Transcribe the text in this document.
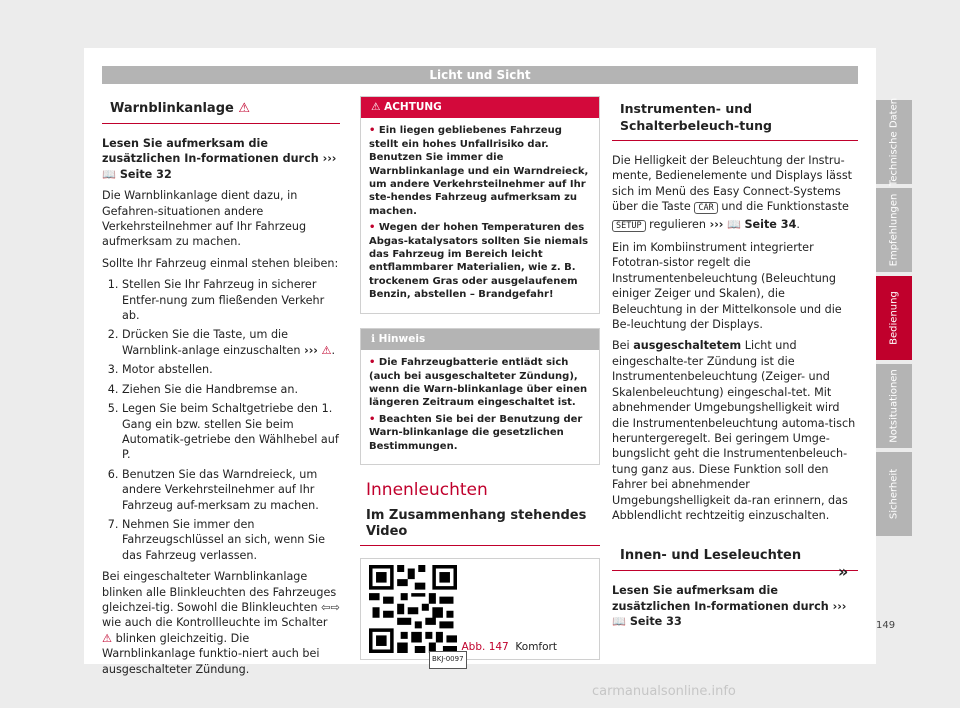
Licht und Sicht
Warnblinkanlage ⚠

Lesen Sie aufmerksam die zusätzlichen In-formationen durch ››› 📖 Seite 32

Die Warnblinkanlage dient dazu, in Gefahren-situationen andere Verkehrsteilnehmer auf Ihr Fahrzeug aufmerksam zu machen.

Sollte Ihr Fahrzeug einmal stehen bleiben:

1. Stellen Sie Ihr Fahrzeug in sicherer Entfer-nung zum fließenden Verkehr ab.
2. Drücken Sie die Taste, um die Warnblink-anlage einzuschalten ››› ⚠.
3. Motor abstellen.
4. Ziehen Sie die Handbremse an.
5. Legen Sie beim Schaltgetriebe den 1. Gang ein bzw. stellen Sie beim Automatik-getriebe den Wählhebel auf P.
6. Benutzen Sie das Warndreieck, um andere Verkehrsteilnehmer auf Ihr Fahrzeug auf-merksam zu machen.
7. Nehmen Sie immer den Fahrzeugschlüssel an sich, wenn Sie das Fahrzeug verlassen.

Bei eingeschalteter Warnblinkanlage blinken alle Blinkleuchten des Fahrzeuges gleichzei-tig. Sowohl die Blinkleuchten ⇦⇨ wie auch die Kontrollleuchte im Schalter ⚠ blinken gleichzeitig. Die Warnblinkanlage funktio-niert auch bei ausgeschalteter Zündung.

⚠ ACHTUNG
• Ein liegen gebliebenes Fahrzeug stellt ein hohes Unfallrisiko dar. Benutzen Sie immer die Warnblinkanlage und ein Warndreieck, um andere Verkehrsteilnehmer auf Ihr ste-hendes Fahrzeug aufmerksam zu machen.
• Wegen der hohen Temperaturen des Abgas-katalysators sollten Sie niemals das Fahrzeug im Bereich leicht entflammbarer Materialien, wie z. B. trockenem Gras oder ausgelaufenem Benzin, abstellen – Brandgefahr!
ℹ Hinweis
• Die Fahrzeugbatterie entlädt sich (auch bei ausgeschalteter Zündung), wenn die Warn-blinkanlage über einen längeren Zeitraum eingeschaltet ist.
• Beachten Sie bei der Benutzung der Warn-blinkanlage die gesetzlichen Bestimmungen.
Innenleuchten
Im Zusammenhang stehendes Video
BKJ-0097
Abb. 147 Komfort
Instrumenten- und Schalterbeleuch-tung

Die Helligkeit der Beleuchtung der Instru-mente, Bedienelemente und Displays lässt sich im Menü des Easy Connect-Systems über die Taste CAR und die Funktionstaste SETUP regulieren ››› 📖 Seite 34.

Ein im Kombiinstrument integrierter Fototran-sistor regelt die Instrumentenbeleuchtung (Beleuchtung einiger Zeiger und Skalen), die Beleuchtung in der Mittelkonsole und die Be-leuchtung der Displays.

Bei ausgeschaltetem Licht und eingeschalte-ter Zündung ist die Instrumentenbeleuchtung (Zeiger- und Skalenbeleuchtung) eingeschal-tet. Mit abnehmender Umgebungshelligkeit wird die Instrumentenbeleuchtung automa-tisch heruntergeregelt. Bei geringem Umge-bungslicht geht die Instrumentenbeleuch-tung ganz aus. Diese Funktion soll den Fahrer bei abnehmender Umgebungshelligkeit da-ran erinnern, das Abblendlicht rechtzeitig einzuschalten.

Innen- und Leseleuchten

Lesen Sie aufmerksam die zusätzlichen In-formationen durch ››› 📖 Seite 33

»
Technische Daten
Empfehlungen
Bedienung
Notsituationen
Sicherheit
149
carmanualsonline.info
